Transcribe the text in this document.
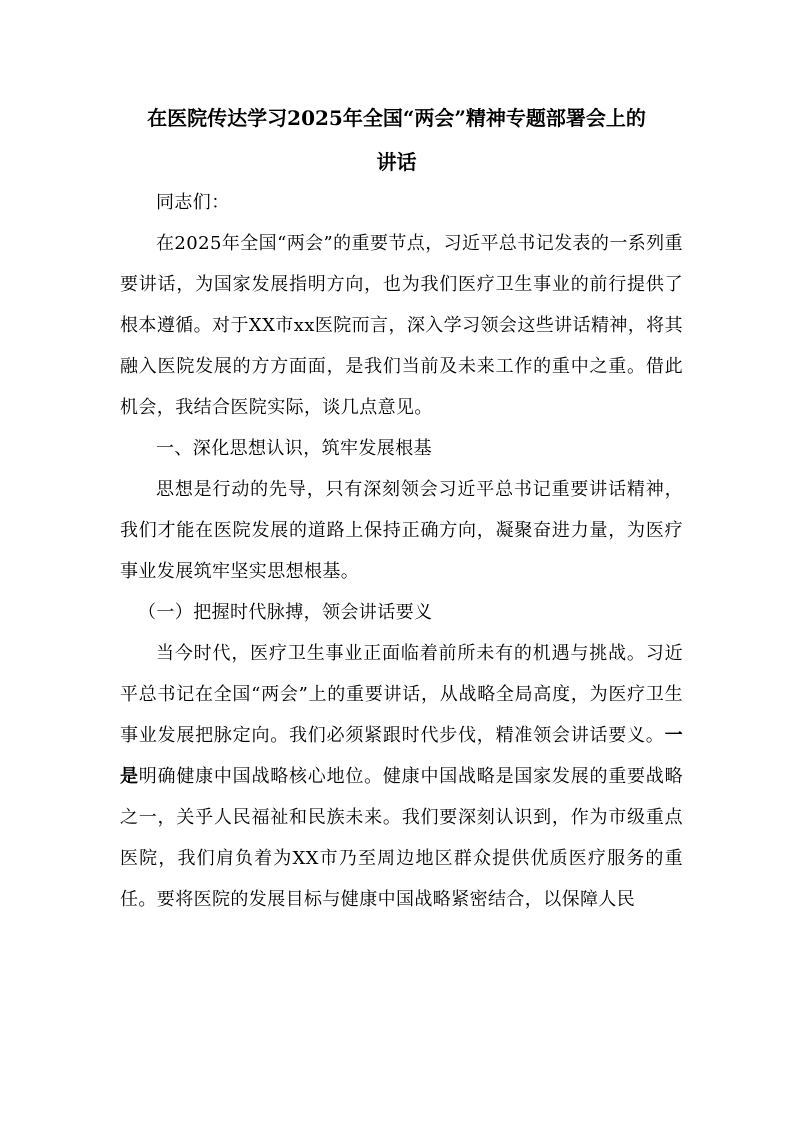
在医院传达学习2025年全国“两会”精神专题部署会上的
讲话

同志们：

在2025年全国“两会”的重要节点，习近平总书记发表的一系列重要讲话，为国家发展指明方向，也为我们医疗卫生事业的前行提供了根本遵循。对于XX市xx医院而言，深入学习领会这些讲话精神，将其融入医院发展的方方面面，是我们当前及未来工作的重中之重。借此机会，我结合医院实际，谈几点意见。

一、深化思想认识，筑牢发展根基

思想是行动的先导，只有深刻领会习近平总书记重要讲话精神，我们才能在医院发展的道路上保持正确方向，凝聚奋进力量，为医疗事业发展筑牢坚实思想根基。

（一）把握时代脉搏，领会讲话要义

当今时代，医疗卫生事业正面临着前所未有的机遇与挑战。习近平总书记在全国“两会”上的重要讲话，从战略全局高度，为医疗卫生事业发展把脉定向。我们必须紧跟时代步伐，精准领会讲话要义。一是明确健康中国战略核心地位。健康中国战略是国家发展的重要战略之一，关乎人民福祉和民族未来。我们要深刻认识到，作为市级重点医院，我们肩负着为XX市乃至周边地区群众提供优质医疗服务的重任。要将医院的发展目标与健康中国战略紧密结合，以保障人民
